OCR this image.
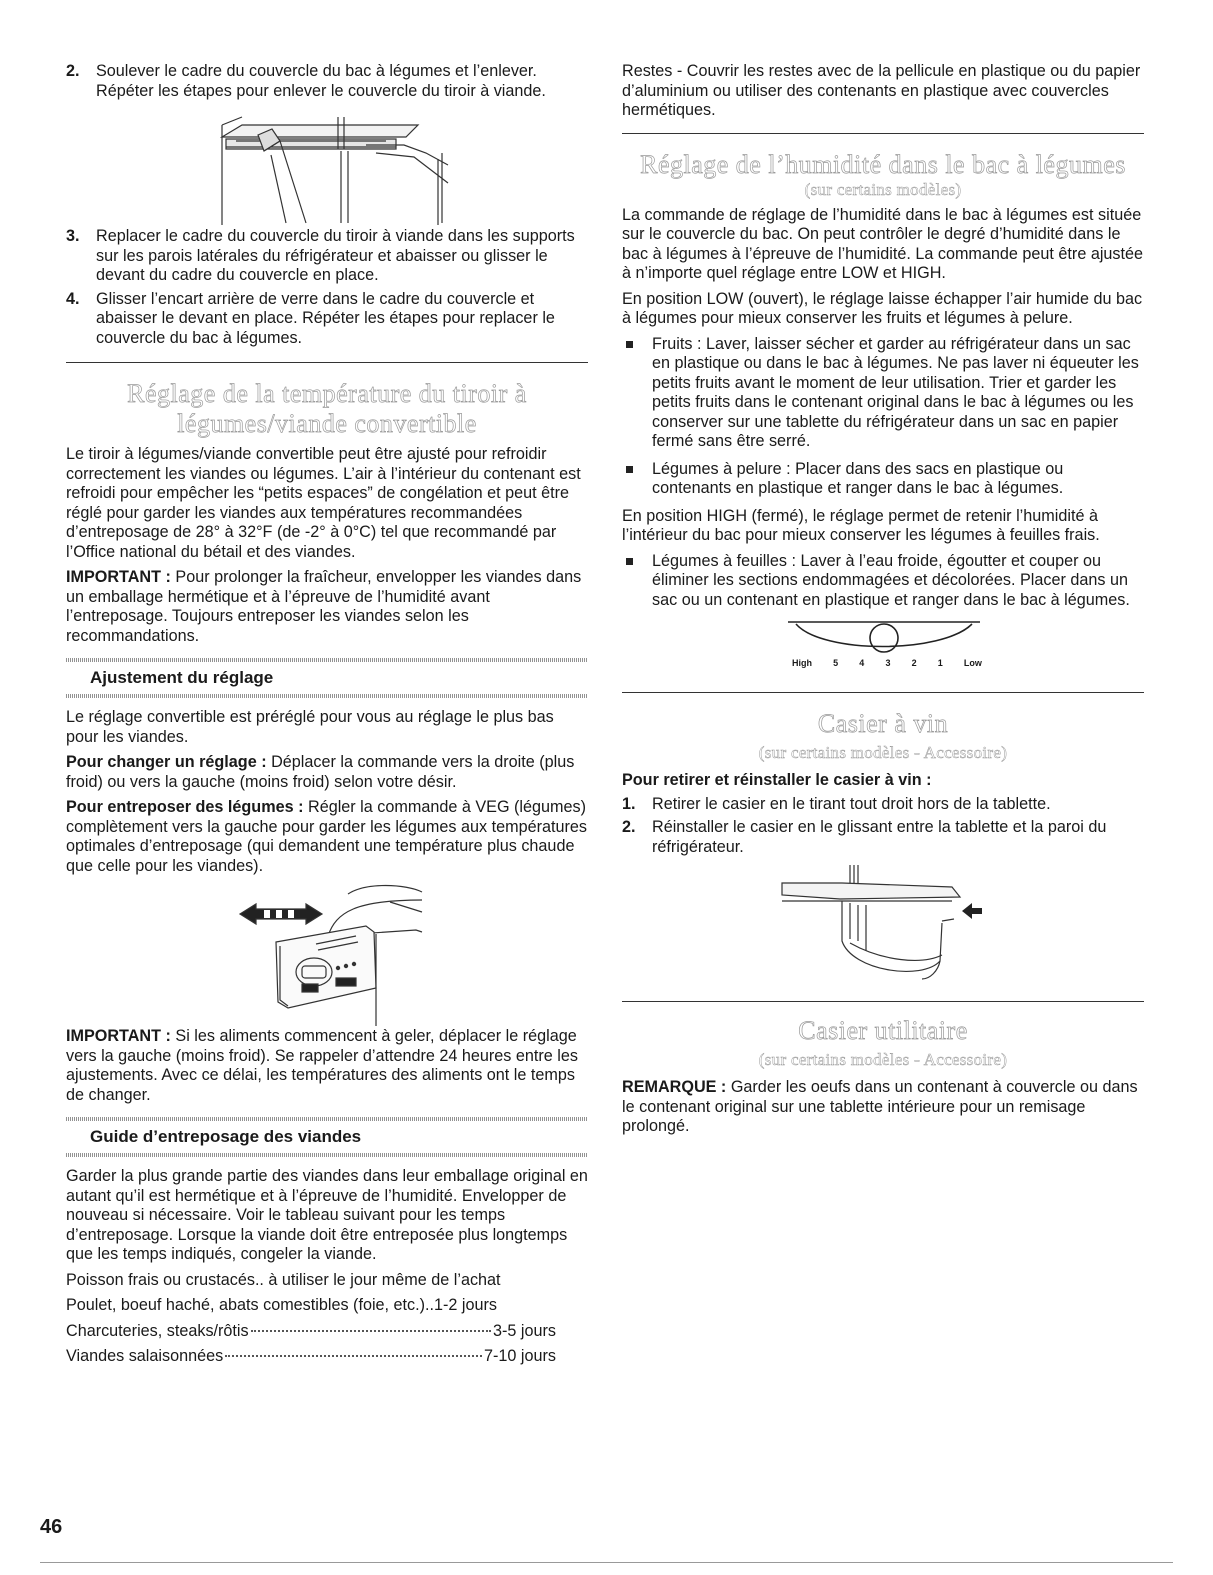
2. Soulever le cadre du couvercle du bac à légumes et l’enlever. Répéter les étapes pour enlever le couvercle du tiroir à viande.
3. Replacer le cadre du couvercle du tiroir à viande dans les supports sur les parois latérales du réfrigérateur et abaisser ou glisser le devant du cadre du couvercle en place.
4. Glisser l’encart arrière de verre dans le cadre du couvercle et abaisser le devant en place. Répéter les étapes pour replacer le couvercle du bac à légumes.
Réglage de la température du tiroir à
légumes/viande convertible

Le tiroir à légumes/viande convertible peut être ajusté pour refroidir correctement les viandes ou légumes. L’air à l’intérieur du contenant est refroidi pour empêcher les “petits espaces” de congélation et peut être réglé pour garder les viandes aux températures recommandées d’entreposage de 28° à 32°F (de -2° à 0°C) tel que recommandé par l’Office national du bétail et des viandes.

IMPORTANT : Pour prolonger la fraîcheur, envelopper les viandes dans un emballage hermétique et à l’épreuve de l’humidité avant l’entreposage. Toujours entreposer les viandes selon les recommandations.

Ajustement du réglage

Le réglage convertible est préréglé pour vous au réglage le plus bas pour les viandes.

Pour changer un réglage : Déplacer la commande vers la droite (plus froid) ou vers la gauche (moins froid) selon votre désir.

Pour entreposer des légumes : Régler la commande à VEG (légumes) complètement vers la gauche pour garder les légumes aux températures optimales d’entreposage (qui demandent une température plus chaude que celle pour les viandes).

IMPORTANT : Si les aliments commencent à geler, déplacer le réglage vers la gauche (moins froid). Se rappeler d’attendre 24 heures entre les ajustements. Avec ce délai, les températures des aliments ont le temps de changer.

Guide d’entreposage des viandes

Garder la plus grande partie des viandes dans leur emballage original en autant qu’il est hermétique et à l’épreuve de l’humidité. Envelopper de nouveau si nécessaire. Voir le tableau suivant pour les temps d’entreposage. Lorsque la viande doit être entreposée plus longtemps que les temps indiqués, congeler la viande.

Poisson frais ou crustacés.. à utiliser le jour même de l’achat
Poulet, boeuf haché, abats comestibles (foie, etc.).. 1-2 jours
Charcuteries, steaks/rôtis	3-5 jours
Viandes salaisonnées	7-10 jours
46

Restes - Couvrir les restes avec de la pellicule en plastique ou du papier d’aluminium ou utiliser des contenants en plastique avec couvercles hermétiques.

Réglage de l’humidité dans le bac à légumes
(sur certains modèles)

La commande de réglage de l’humidité dans le bac à légumes est située sur le couvercle du bac. On peut contrôler le degré d’humidité dans le bac à légumes à l’épreuve de l’humidité. La commande peut être ajustée à n’importe quel réglage entre LOW et HIGH.

En position LOW (ouvert), le réglage laisse échapper l’air humide du bac à légumes pour mieux conserver les fruits et légumes à pelure.

Fruits : Laver, laisser sécher et garder au réfrigérateur dans un sac en plastique ou dans le bac à légumes. Ne pas laver ni équeuter les petits fruits avant le moment de leur utilisation. Trier et garder les petits fruits dans le contenant original dans le bac à légumes ou les conserver sur une tablette du réfrigérateur dans un sac en papier fermé sans être serré.
Légumes à pelure : Placer dans des sacs en plastique ou contenants en plastique et ranger dans le bac à légumes.

En position HIGH (fermé), le réglage permet de retenir l’humidité à l’intérieur du bac pour mieux conserver les légumes à feuilles frais.

Légumes à feuilles : Laver à l’eau froide, égoutter et couper ou éliminer les sections endommagées et décolorées. Placer dans un sac ou un contenant en plastique et ranger dans le bac à légumes.
High 5 4 3 2 1 Low
Casier à vin
(sur certains modèles - Accessoire)

Pour retirer et réinstaller le casier à vin :

1. Retirer le casier en le tirant tout droit hors de la tablette.
2. Réinstaller le casier en le glissant entre la tablette et la paroi du réfrigérateur.
Casier utilitaire
(sur certains modèles - Accessoire)

REMARQUE : Garder les oeufs dans un contenant à couvercle ou dans le contenant original sur une tablette intérieure pour un remisage prolongé.
